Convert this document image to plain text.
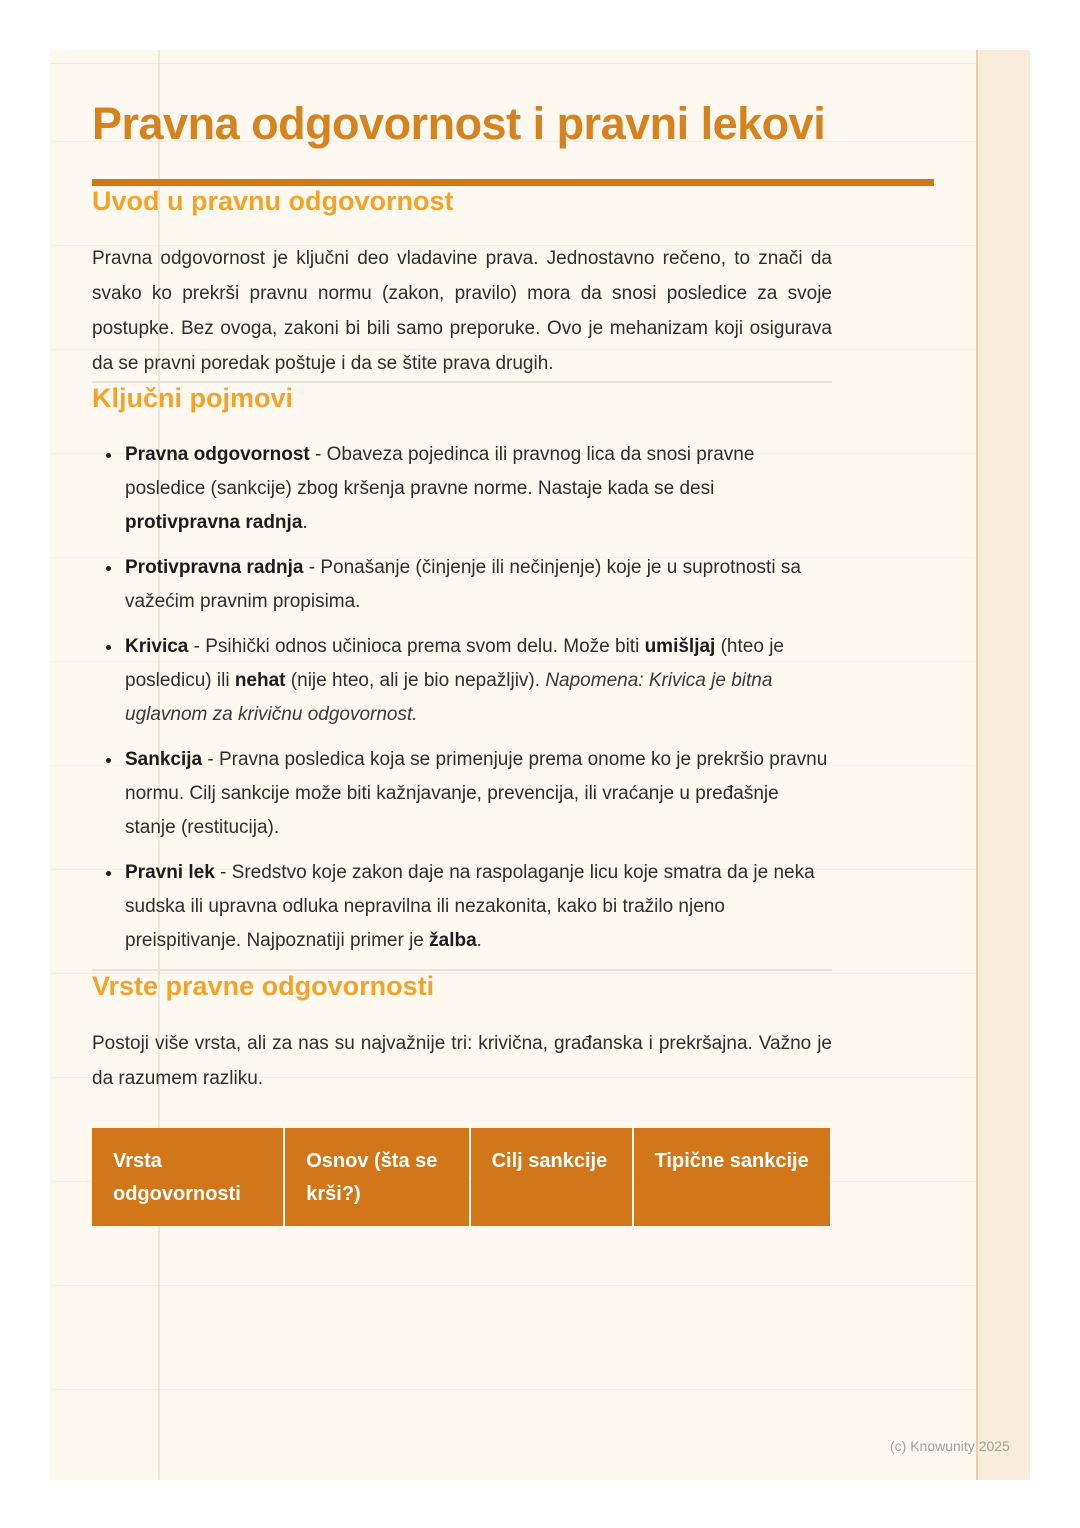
Pravna odgovornost i pravni lekovi
Uvod u pravnu odgovornost

Pravna odgovornost je ključni deo vladavine prava. Jednostavno rečeno, to znači da svako ko prekrši pravnu normu (zakon, pravilo) mora da snosi posledice za svoje postupke. Bez ovoga, zakoni bi bili samo preporuke. Ovo je mehanizam koji osigurava da se pravni poredak poštuje i da se štite prava drugih.

Ključni pojmovi
• Pravna odgovornost - Obaveza pojedinca ili pravnog lica da snosi pravne posledice (sankcije) zbog kršenja pravne norme. Nastaje kada se desi protivpravna radnja.
• Protivpravna radnja - Ponašanje (činjenje ili nečinjenje) koje je u suprotnosti sa važećim pravnim propisima.
• Krivica - Psihički odnos učinioca prema svom delu. Može biti umišljaj (hteo je posledicu) ili nehat (nije hteo, ali je bio nepažljiv). Napomena: Krivica je bitna uglavnom za krivičnu odgovornost.
• Sankcija - Pravna posledica koja se primenjuje prema onome ko je prekršio pravnu normu. Cilj sankcije može biti kažnjavanje, prevencija, ili vraćanje u pređašnje stanje (restitucija).
• Pravni lek - Sredstvo koje zakon daje na raspolaganje licu koje smatra da je neka sudska ili upravna odluka nepravilna ili nezakonita, kako bi tražilo njeno preispitivanje. Najpoznatiji primer je žalba.
Vrste pravne odgovornosti

Postoji više vrsta, ali za nas su najvažnije tri: krivična, građanska i prekršajna. Važno je da razumem razliku.

Vrsta odgovornosti	Osnov (šta se krši?)	Cilj sankcije	Tipične sankcije
(c) Knowunity 2025
